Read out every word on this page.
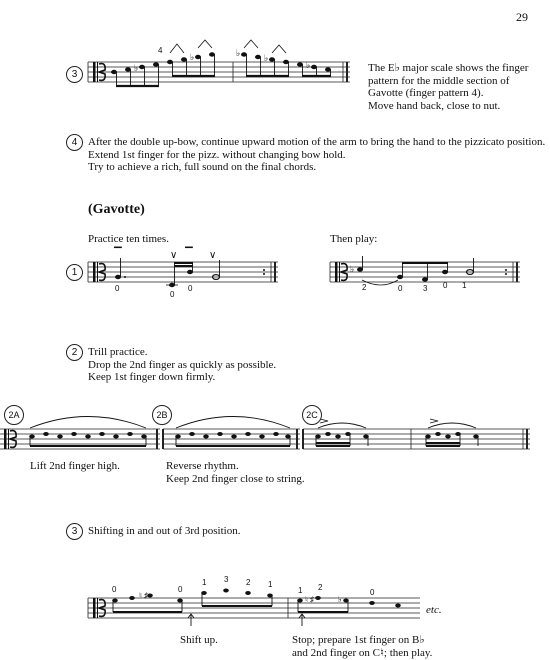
29
3
♭
♭	♭	♭
♭
▔	∨ ▔ ∨
♭
♮ ♯	♮ ♯	♭
4
The E♭ major scale shows the finger
pattern for the middle section of
Gavotte (finger pattern 4).
Move hand back, close to nut.
4 After the double up-bow, continue upward motion of the arm to bring the hand to the pizzicato position.
Extend 1st finger for the pizz. without changing bow hold.
Try to achieve a rich, full sound on the final chords.
(Gavotte)
Practice ten times.	Then play:
1
0
0
0	2	0	3 0 1
2 Trill practice.
Drop the 2nd finger as quickly as possible.
Keep 1st finger down firmly.
2A	2B	2C
Lift 2nd finger high.	Reverse rhythm.
Keep 2nd finger close to string.
3 Shifting in and out of 3rd position.
0	0
1 3 2 1
1 2
0
etc.
Shift up.	Stop; prepare 1st finger on B♭
and 2nd finger on C♮; then play.
